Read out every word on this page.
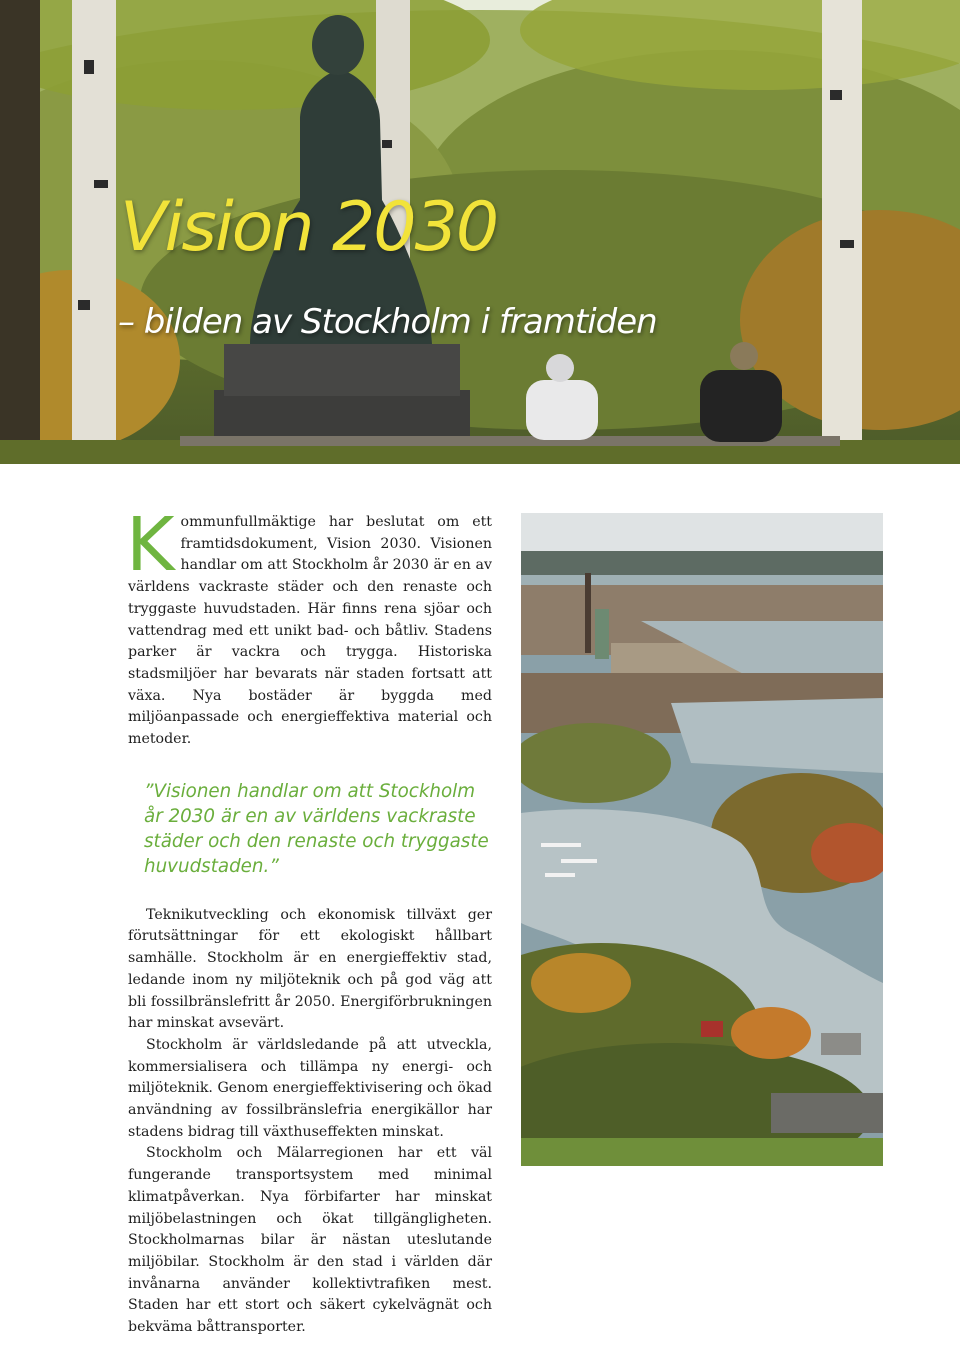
Vision 2030
– bilden av Stockholm i framtiden

Kommunfullmäktige har beslutat om ett framtidsdokument, Vision 2030. Visionen handlar om att Stockholm år 2030 är en av världens vackraste städer och den renaste och tryggaste huvudstaden. Här finns rena sjöar och vattendrag med ett unikt bad- och båtliv. Stadens parker är vackra och trygga. Historiska stadsmiljöer har bevarats när staden fortsatt att växa. Nya bostäder är byggda med miljöanpassade och energieffektiva material och metoder.

”Visionen handlar om att Stockholm år 2030 är en av världens vackraste städer och den renaste och tryggaste huvudstaden.”

Teknikutveckling och ekonomisk tillväxt ger förutsättningar för ett ekologiskt hållbart samhälle. Stockholm är en energieffektiv stad, ledande inom ny miljöteknik och på god väg att bli fossilbränslefritt år 2050. Energiförbrukningen har minskat avsevärt.

Stockholm är världsledande på att utveckla, kommersialisera och tillämpa ny energi- och miljöteknik. Genom energieffektivisering och ökad användning av fossilbränslefria energikällor har stadens bidrag till växthuseffekten minskat.

Stockholm och Mälarregionen har ett väl fungerande transportsystem med minimal klimatpåverkan. Nya förbifarter har minskat miljöbelastningen och ökat tillgängligheten. Stockholmarnas bilar är nästan uteslutande miljöbilar. Stockholm är den stad i världen där invånarna använder kollektivtrafiken mest. Staden har ett stort och säkert cykelvägnät och bekväma båttransporter.
